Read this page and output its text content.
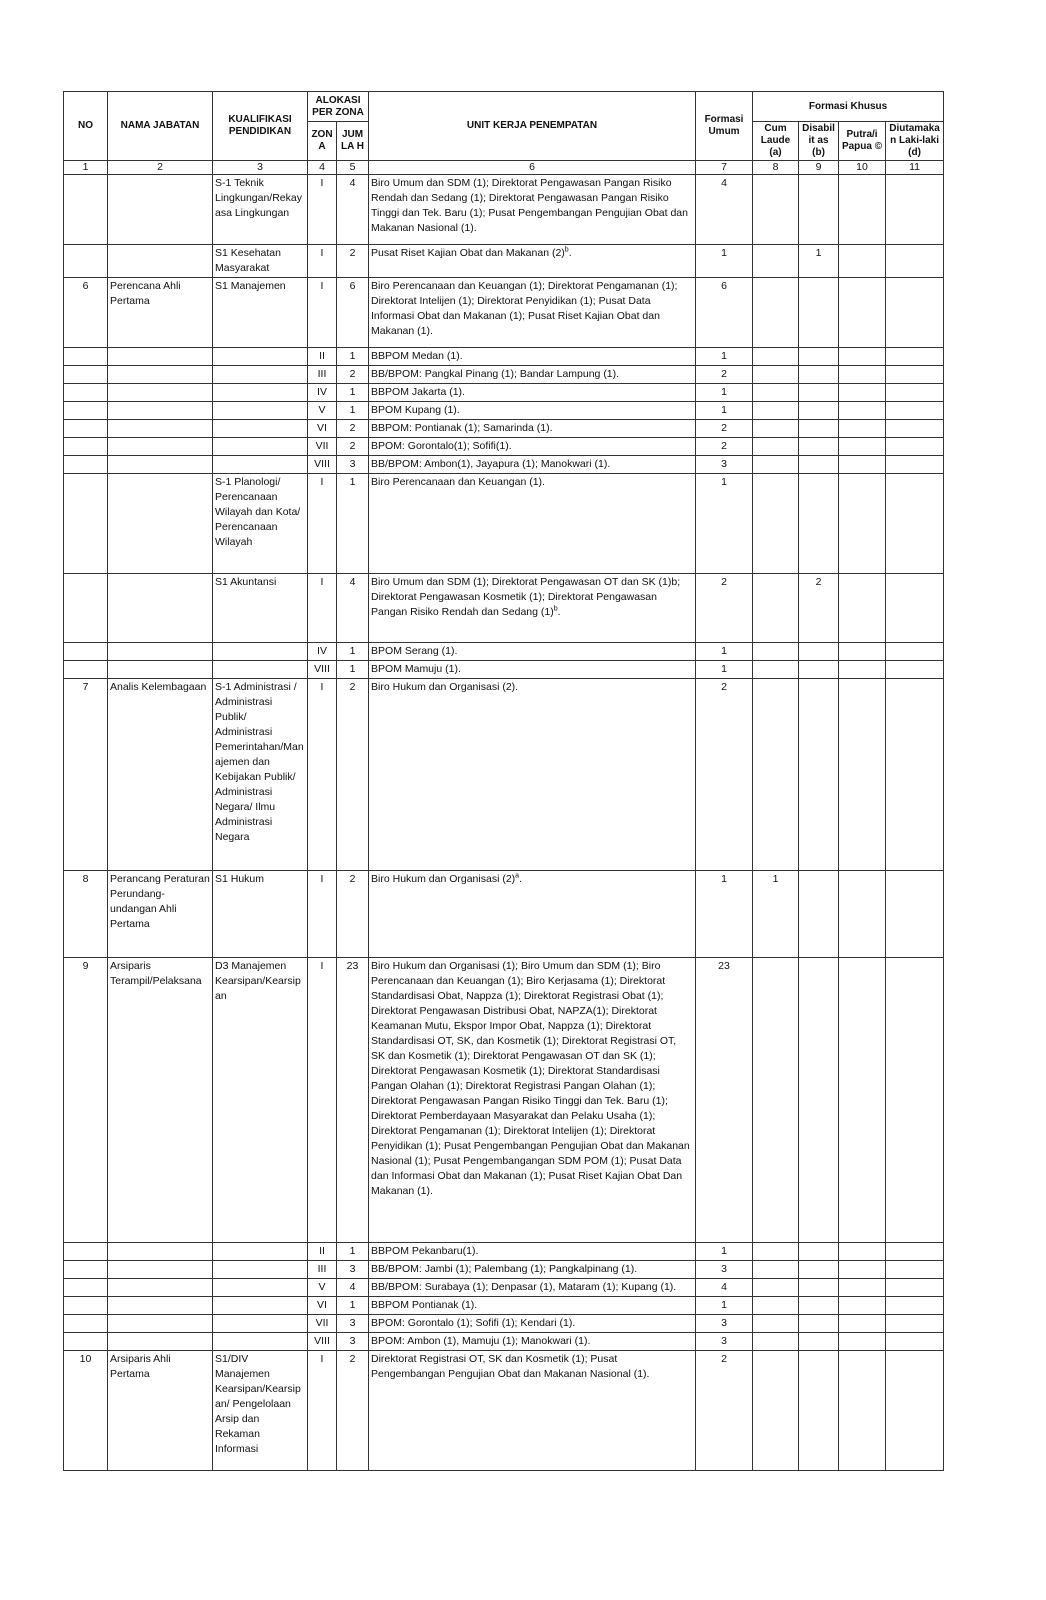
NO	NAMA JABATAN	KUALIFIKASI PENDIDIKAN	ALOKASI PER ZONA		UNIT KERJA PENEMPATAN	Formasi Umum	Formasi Khusus			
			ZONA	JUMLA H			Cum Laude (a)	Disabilit as (b)	Putra/i Papua ©	Diutamakan Laki-laki (d)
1	2	3	4	5	6	7	8	9	10	11
		S-1 Teknik Lingkungan/Rekayasa Lingkungan	I	4	Biro Umum dan SDM (1); Direktorat Pengawasan Pangan Risiko Rendah dan Sedang (1); Direktorat Pengawasan Pangan Risiko Tinggi dan Tek. Baru (1); Pusat Pengembangan Pengujian Obat dan Makanan Nasional (1).	4				
		S1 Kesehatan Masyarakat	I	2	Pusat Riset Kajian Obat dan Makanan $(2)^b$.	1		1		
6	Perencana Ahli Pertama	S1 Manajemen	I	6	Biro Perencanaan dan Keuangan (1); Direktorat Pengamanan (1); Direktorat Intelijen (1); Direktorat Penyidikan (1); Pusat Data Informasi Obat dan Makanan (1); Pusat Riset Kajian Obat dan Makanan (1).	6				
			II	1	BBPOM Medan (1).	1				
			III	2	BB/BPOM: Pangkal Pinang (1); Bandar Lampung (1).	2				
			IV	1	BBPOM Jakarta (1).	1				
			V	1	BPOM Kupang (1).	1				
			VI	2	BBPOM: Pontianak (1); Samarinda (1).	2				
			VII	2	BPOM: Gorontalo(1); Sofifi(1).	2				
			VIII	3	BB/BPOM: Ambon(1), Jayapura (1); Manokwari (1).	3				
		S-1 Planologi/ Perencanaan Wilayah dan Kota/ Perencanaan Wilayah	I	1	Biro Perencanaan dan Keuangan (1).	1				
		S1 Akuntansi	I	4	Biro Umum dan SDM (1); Direktorat Pengawasan OT dan SK (1)b; Direktorat Pengawasan Kosmetik (1); Direktorat Pengawasan Pangan Risiko Rendah dan Sedang $(1)^b$.	2		2		
			IV	1	BPOM Serang (1).	1				
			VIII	1	BPOM Mamuju (1).	1				
7	Analis Kelembagaan	S-1 Administrasi / Administrasi Publik/ Administrasi Pemerintahan/Manajemen dan Kebijakan Publik/ Administrasi Negara/ Ilmu Administrasi Negara	I	2	Biro Hukum dan Organisasi (2).	2				
8	Perancang Peraturan Perundang-undangan Ahli Pertama	S1 Hukum	I	2	Biro Hukum dan Organisasi $(2)^a$.	1	1			
9	Arsiparis Terampil/Pelaksana	D3 Manajemen Kearsipan/Kearsipan	I	23	Biro Hukum dan Organisasi (1); Biro Umum dan SDM (1); Biro Perencanaan dan Keuangan (1); Biro Kerjasama (1); Direktorat Standardisasi Obat, Nappza (1); Direktorat Registrasi Obat (1); Direktorat Pengawasan Distribusi Obat, NAPZA(1); Direktorat Keamanan Mutu, Ekspor Impor Obat, Nappza (1); Direktorat Standardisasi OT, SK, dan Kosmetik (1); Direktorat Registrasi OT, SK dan Kosmetik (1); Direktorat Pengawasan OT dan SK (1); Direktorat Pengawasan Kosmetik (1); Direktorat Standardisasi Pangan Olahan (1); Direktorat Registrasi Pangan Olahan (1); Direktorat Pengawasan Pangan Risiko Tinggi dan Tek. Baru (1); Direktorat Pemberdayaan Masyarakat dan Pelaku Usaha (1); Direktorat Pengamanan (1); Direktorat Intelijen (1); Direktorat Penyidikan (1); Pusat Pengembangan Pengujian Obat dan Makanan Nasional (1); Pusat Pengembangangan SDM POM (1); Pusat Data dan Informasi Obat dan Makanan (1); Pusat Riset Kajian Obat Dan Makanan (1).	23				
			II	1	BBPOM Pekanbaru(1).	1				
			III	3	BB/BPOM: Jambi (1); Palembang (1); Pangkalpinang (1).	3				
			V	4	BB/BPOM: Surabaya (1); Denpasar (1), Mataram (1); Kupang (1).	4				
			VI	1	BBPOM Pontianak (1).	1				
			VII	3	BPOM: Gorontalo (1); Sofifi (1); Kendari (1).	3				
			VIII	3	BPOM: Ambon (1), Mamuju (1); Manokwari (1).	3				
10	Arsiparis Ahli Pertama	S1/DIV Manajemen Kearsipan/Kearsipan/ Pengelolaan Arsip dan Rekaman Informasi	I	2	Direktorat Registrasi OT, SK dan Kosmetik (1); Pusat Pengembangan Pengujian Obat dan Makanan Nasional (1).	2				
